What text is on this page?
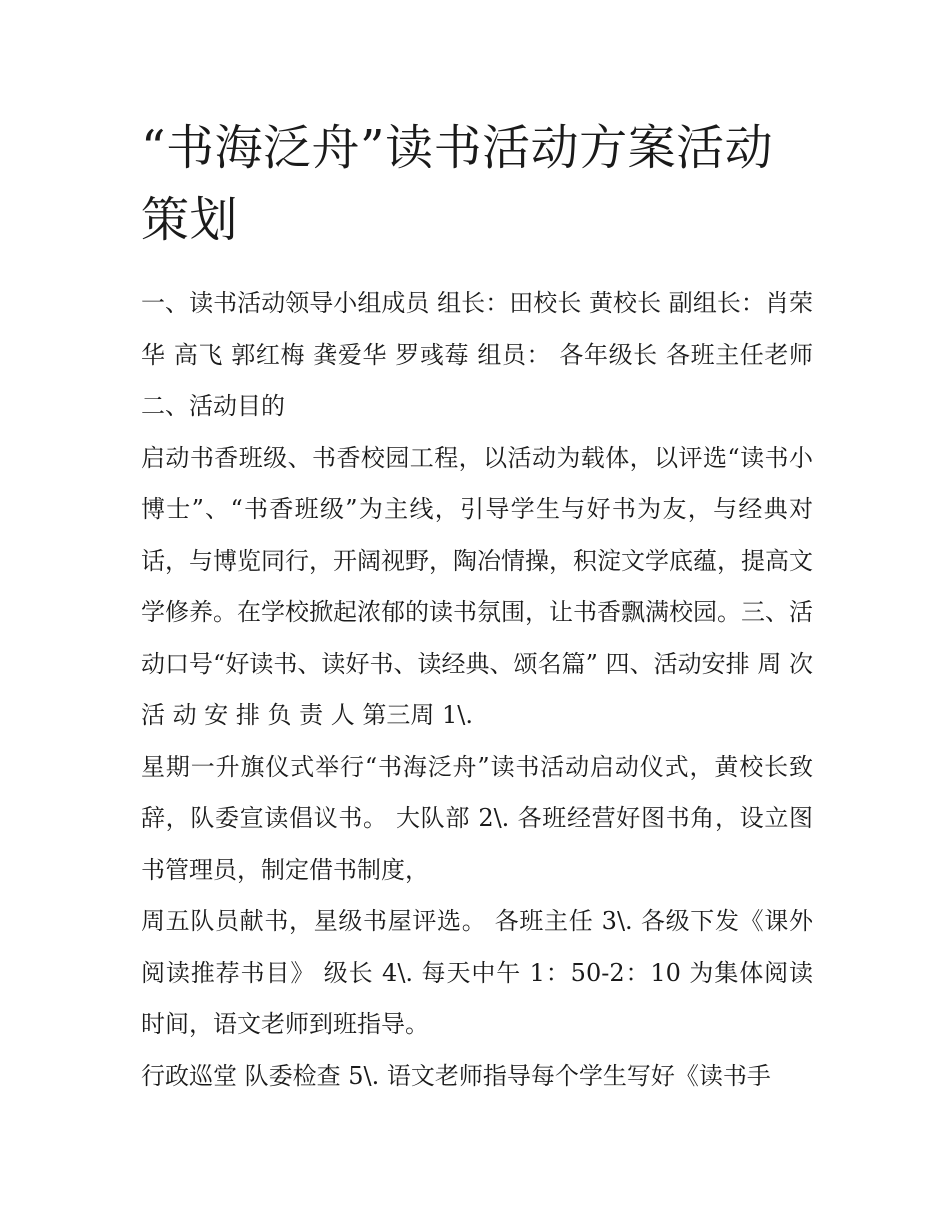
“书海泛舟”读书活动方案活动策划

一、读书活动领导小组成员 组长：田校长 黄校长 副组长：肖荣华 高飞 郭红梅 龚爱华 罗彧莓 组员： 各年级长 各班主任老师 二、活动目的

启动书香班级、书香校园工程，以活动为载体，以评选“读书小博士”、“书香班级”为主线，引导学生与好书为友，与经典对话，与博览同行，开阔视野，陶冶情操，积淀文学底蕴，提高文学修养。在学校掀起浓郁的读书氛围，让书香飘满校园。三、活动口号“好读书、读好书、读经典、颂名篇” 四、活动安排 周 次 活 动 安 排 负 责 人 第三周 1\.

星期一升旗仪式举行“书海泛舟”读书活动启动仪式，黄校长致辞，队委宣读倡议书。 大队部 2\. 各班经营好图书角，设立图书管理员，制定借书制度，

周五队员献书，星级书屋评选。 各班主任 3\. 各级下发《课外阅读推荐书目》 级长 4\. 每天中午 1：50-2：10 为集体阅读时间，语文老师到班指导。

行政巡堂 队委检查 5\. 语文老师指导每个学生写好《读书手
